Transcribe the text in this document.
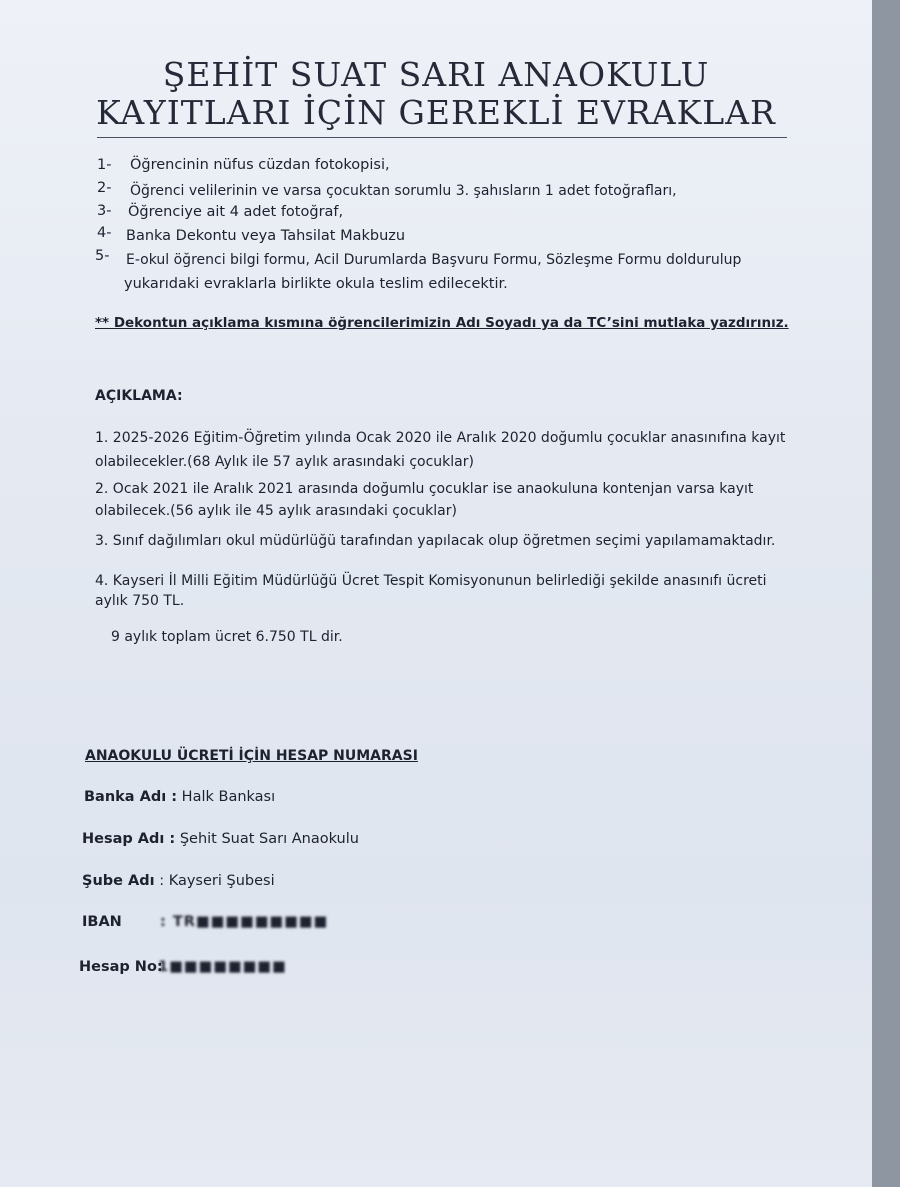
ŞEHİT SUAT SARI ANAOKULU
KAYITLARI İÇİN GEREKLİ EVRAKLAR
1- Öğrencinin nüfus cüzdan fotokopisi,
2- Öğrenci velilerinin ve varsa çocuktan sorumlu 3. şahısların 1 adet fotoğrafları,
3- Öğrenciye ait 4 adet fotoğraf,
4- Banka Dekontu veya Tahsilat Makbuzu
5- E-okul öğrenci bilgi formu, Acil Durumlarda Başvuru Formu, Sözleşme Formu doldurulup
yukarıdaki evraklarla birlikte okula teslim edilecektir.
** Dekontun açıklama kısmına öğrencilerimizin Adı Soyadı ya da TC’sini mutlaka yazdırınız.
AÇIKLAMA:
1. 2025-2026 Eğitim-Öğretim yılında Ocak 2020 ile Aralık 2020 doğumlu çocuklar anasınıfına kayıt
olabilecekler.(68 Aylık ile 57 aylık arasındaki çocuklar)
2. Ocak 2021 ile Aralık 2021 arasında doğumlu çocuklar ise anaokuluna kontenjan varsa kayıt
olabilecek.(56 aylık ile 45 aylık arasındaki çocuklar)
3. Sınıf dağılımları okul müdürlüğü tarafından yapılacak olup öğretmen seçimi yapılamamaktadır.
4. Kayseri İl Milli Eğitim Müdürlüğü Ücret Tespit Komisyonunun belirlediği şekilde anasınıfı ücreti
aylık 750 TL.
9 aylık toplam ücret 6.750 TL dir.
ANAOKULU ÜCRETİ İÇİN HESAP NUMARASI
Banka Adı : Halk Bankası
Hesap Adı : Şehit Suat Sarı Anaokulu
Şube Adı : Kayseri Şubesi
IBAN	: TR■■■■■■■■■
Hesap No:
1■■■■■■■■
